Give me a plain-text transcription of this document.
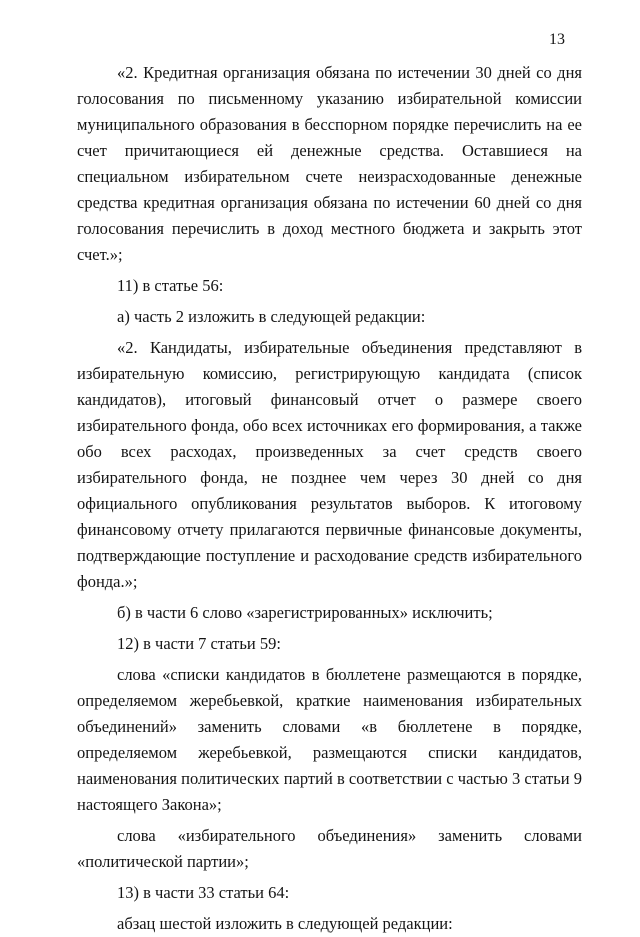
13

«2. Кредитная организация обязана по истечении 30 дней со дня голосования по письменному указанию избирательной комиссии муниципального образования в бесспорном порядке перечислить на ее счет причитающиеся ей денежные средства. Оставшиеся на специальном избирательном счете неизрасходованные денежные средства кредитная организация обязана по истечении 60 дней со дня голосования перечислить в доход местного бюджета и закрыть этот счет.»;

11) в статье 56:

а) часть 2 изложить в следующей редакции:

«2. Кандидаты, избирательные объединения представляют в избирательную комиссию, регистрирующую кандидата (список кандидатов), итоговый финансовый отчет о размере своего избирательного фонда, обо всех источниках его формирования, а также обо всех расходах, произведенных за счет средств своего избирательного фонда, не позднее чем через 30 дней со дня официального опубликования результатов выборов. К итоговому финансовому отчету прилагаются первичные финансовые документы, подтверждающие поступление и расходование средств избирательного фонда.»;

б) в части 6 слово «зарегистрированных» исключить;

12) в части 7 статьи 59:

слова «списки кандидатов в бюллетене размещаются в порядке, определяемом жеребьевкой, краткие наименования избирательных объединений» заменить словами «в бюллетене в порядке, определяемом жеребьевкой, размещаются списки кандидатов, наименования политических партий в соответствии с частью 3 статьи 9 настоящего Закона»;

слова «избирательного объединения» заменить словами «политической партии»;

13) в части 33 статьи 64:

абзац шестой изложить в следующей редакции:
